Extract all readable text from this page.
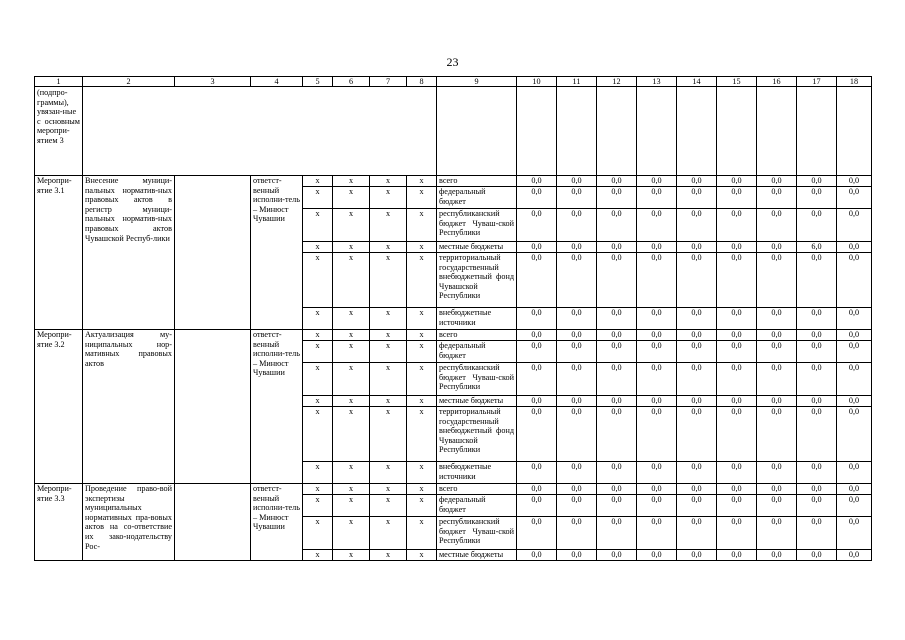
23
1	2	3	4	5	6	7	8	9	10	11	12	13	14	15	16	17	18
(подпро-граммы), увязан-ные с основным меропри-ятием 3																	
Меропри-ятие 3.1	Внесение муници-пальных норматив-ных правовых актов в регистр муници-пальных норматив-ных правовых актов Чувашской Респуб-лики		ответст-венный исполни-тель – Минюст Чувашии	x	x	x	x	всего	0,0	0,0	0,0	0,0	0,0	0,0	0,0	0,0	0,0
				x	x	x	x	федеральный бюджет	0,0	0,0	0,0	0,0	0,0	0,0	0,0	0,0	0,0
				x	x	x	x	республиканский бюджет Чуваш-ской Республики	0,0	0,0	0,0	0,0	0,0	0,0	0,0	0,0	0,0
				x	x	x	x	местные бюджеты	0,0	0,0	0,0	0,0	0,0	0,0	0,0	6,0	0,0
				x	x	x	x	территориальный государственный внебюджетный фонд Чувашской Республики	0,0	0,0	0,0	0,0	0,0	0,0	0,0	0,0	0,0
				x	x	x	x	внебюджетные источники	0,0	0,0	0,0	0,0	0,0	0,0	0,0	0,0	0,0
Меропри-ятие 3.2	Актуализация му-ниципальных нор-мативных правовых актов		ответст-венный исполни-тель – Минюст Чувашии	x	x	x	x	всего	0,0	0,0	0,0	0,0	0,0	0,0	0,0	0,0	0,0
				x	x	x	x	федеральный бюджет	0,0	0,0	0,0	0,0	0,0	0,0	0,0	0,0	0,0
				x	x	x	x	республиканский бюджет Чуваш-ской Республики	0,0	0,0	0,0	0,0	0,0	0,0	0,0	0,0	0,0
				x	x	x	x	местные бюджеты	0,0	0,0	0,0	0,0	0,0	0,0	0,0	0,0	0,0
				x	x	x	x	территориальный государственный внебюджетный фонд Чувашской Республики	0,0	0,0	0,0	0,0	0,0	0,0	0,0	0,0	0,0
				x	x	x	x	внебюджетные источники	0,0	0,0	0,0	0,0	0,0	0,0	0,0	0,0	0,0
Меропри-ятие 3.3	Проведение право-вой экспертизы муниципальных нормативных пра-вовых актов на со-ответствие их зако-нодательству Рос-		ответст-венный исполни-тель – Минюст Чувашии	x	x	x	x	всего	0,0	0,0	0,0	0,0	0,0	0,0	0,0	0,0	0,0
				x	x	x	x	федеральный бюджет	0,0	0,0	0,0	0,0	0,0	0,0	0,0	0,0	0,0
				x	x	x	x	республиканский бюджет Чуваш-ской Республики	0,0	0,0	0,0	0,0	0,0	0,0	0,0	0,0	0,0
				x	x	x	x	местные бюджеты	0,0	0,0	0,0	0,0	0,0	0,0	0,0	0,0	0,0
